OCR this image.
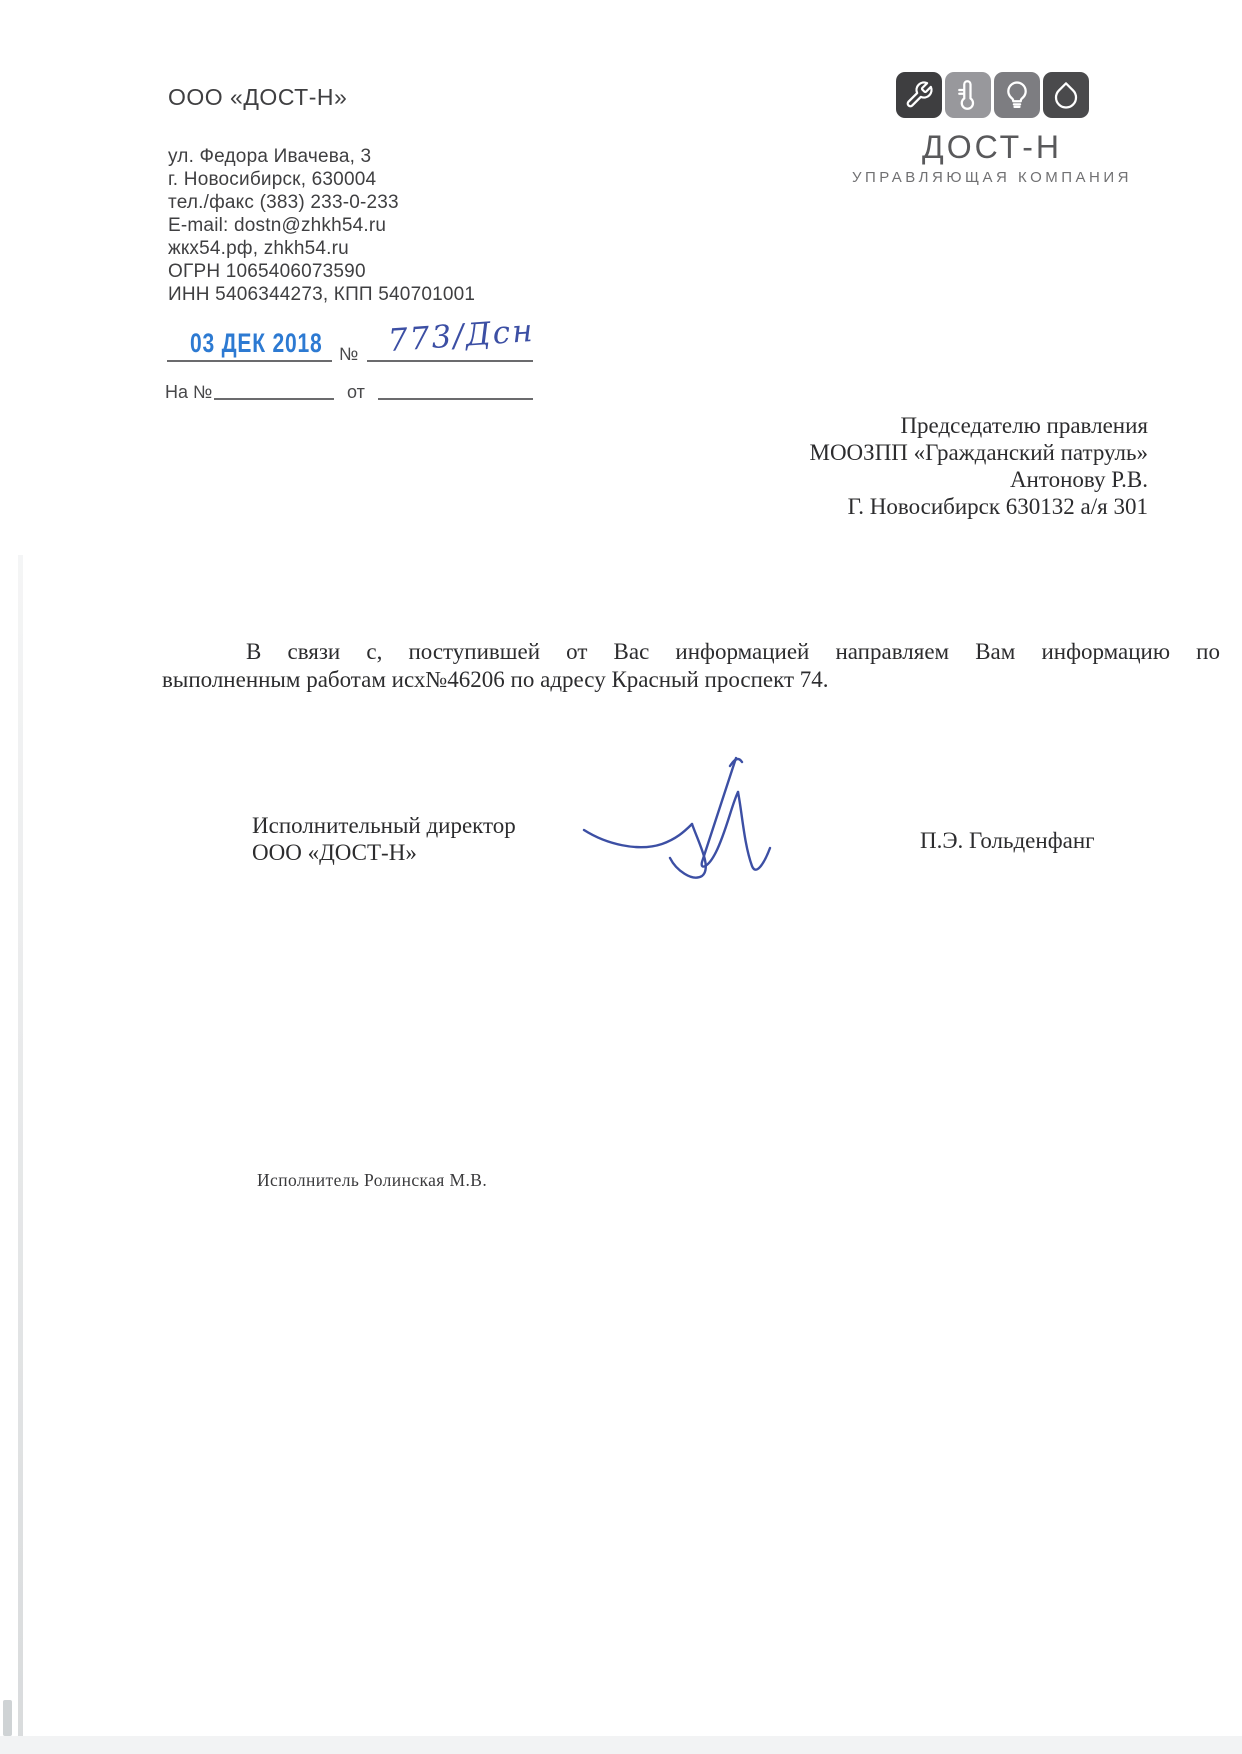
ООО «ДОСТ-Н»
ул. Федора Ивачева, 3
г. Новосибирск, 630004
тел./факс (383) 233-0-233
E-mail: dostn@zhkh54.ru
жкх54.рф, zhkh54.ru
ОГРН 1065406073590
ИНН 5406344273, КПП 540701001
ДОСТ-Н
УПРАВЛЯЮЩАЯ КОМПАНИЯ
03 ДЕК 2018 № 773/Дсн
На №	от
Председателю правления
МООЗПП «Гражданский патруль»
Антонову Р.В.
Г. Новосибирск 630132 а/я 301
В связи с, поступившей от Вас информацией направляем Вам информацию по
выполненным работам исх№46206 по адресу Красный проспект 74.
Исполнительный директор
ООО «ДОСТ-Н»	П.Э. Гольденфанг
Исполнитель Ролинская М.В.
